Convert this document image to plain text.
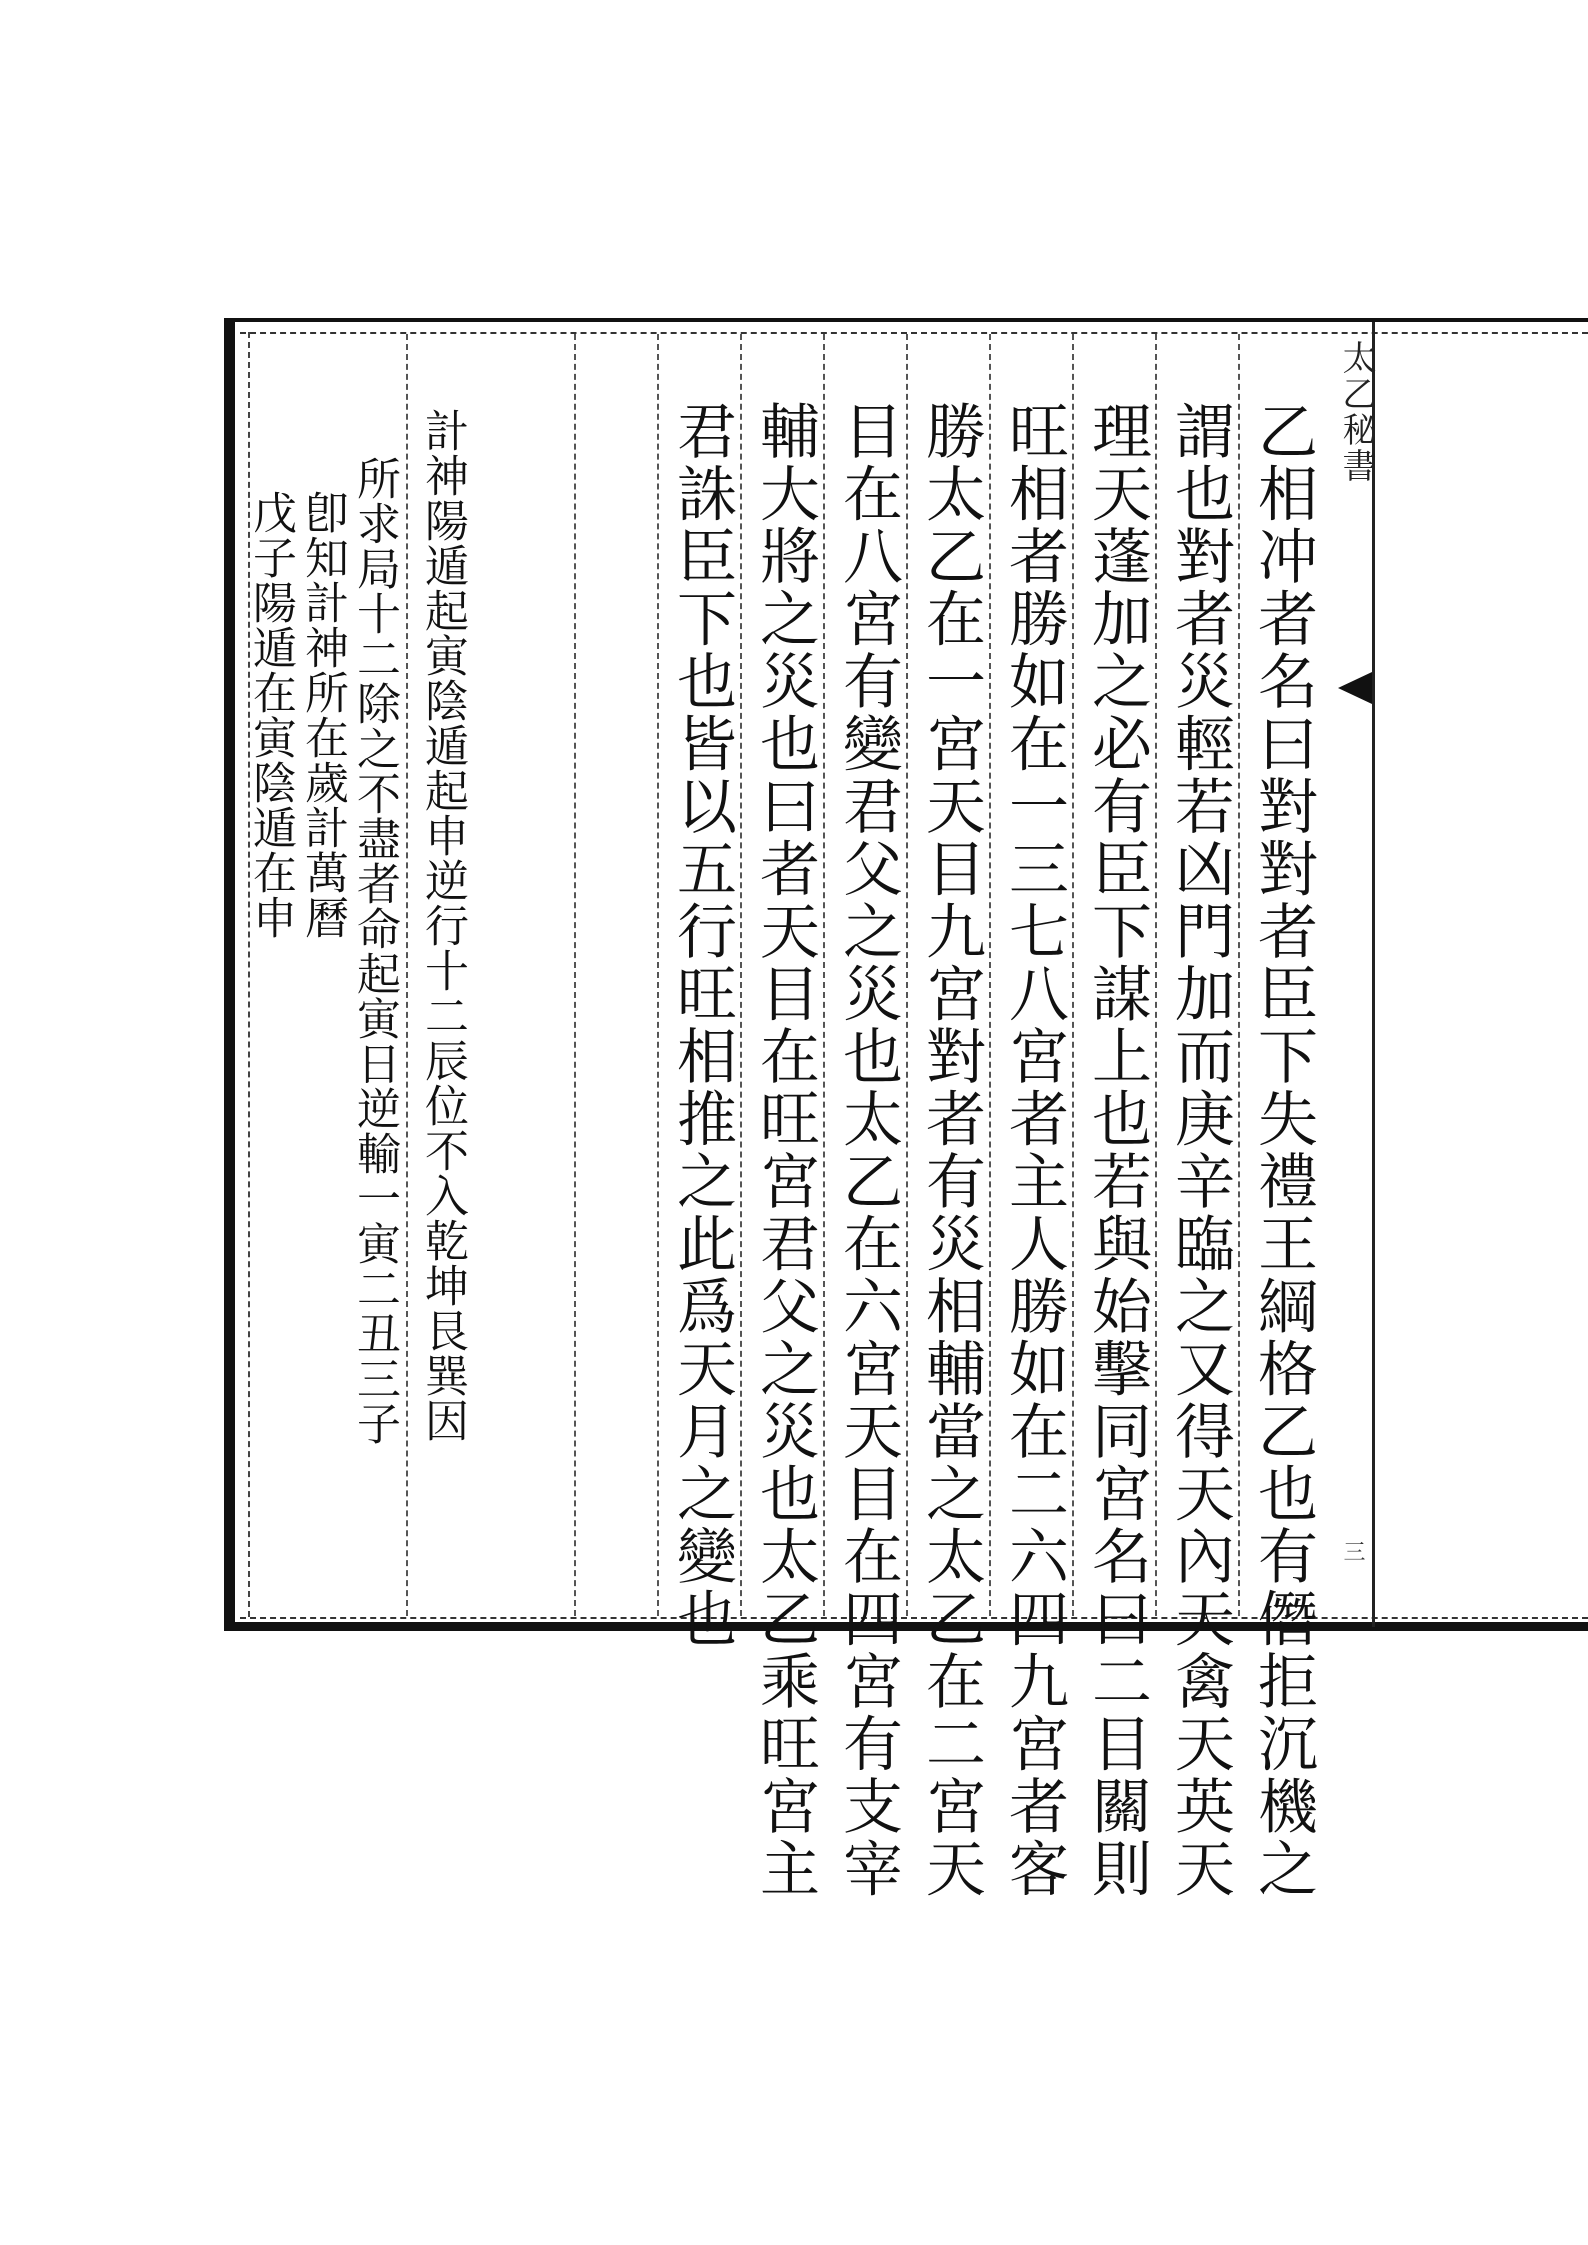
太乙秘書
三
乙相冲者名曰對對者臣下失禮王綱格乙也有僭拒沉機之
謂也對者災輕若凶門加而庚辛臨之又得天內天禽天英天
理天蓬加之必有臣下謀上也若與始擊同宮名曰二目關則
旺相者勝如在一三七八宮者主人勝如在二六四九宮者客
勝太乙在一宮天目九宮對者有災相輔當之太乙在二宮天
目在八宮有變君父之災也太乙在六宮天目在四宮有支宰
輔大將之災也曰者天目在旺宮君父之災也太乙乘旺宮主
君誅臣下也皆以五行旺相推之此爲天月之變也
計神陽遁起寅陰遁起申逆行十二辰位不入乾坤艮巽因
所求局十二除之不盡者命起寅日逆輸一寅二丑三子
卽知計神所在歲計萬曆
戊子陽遁在寅陰遁在申
